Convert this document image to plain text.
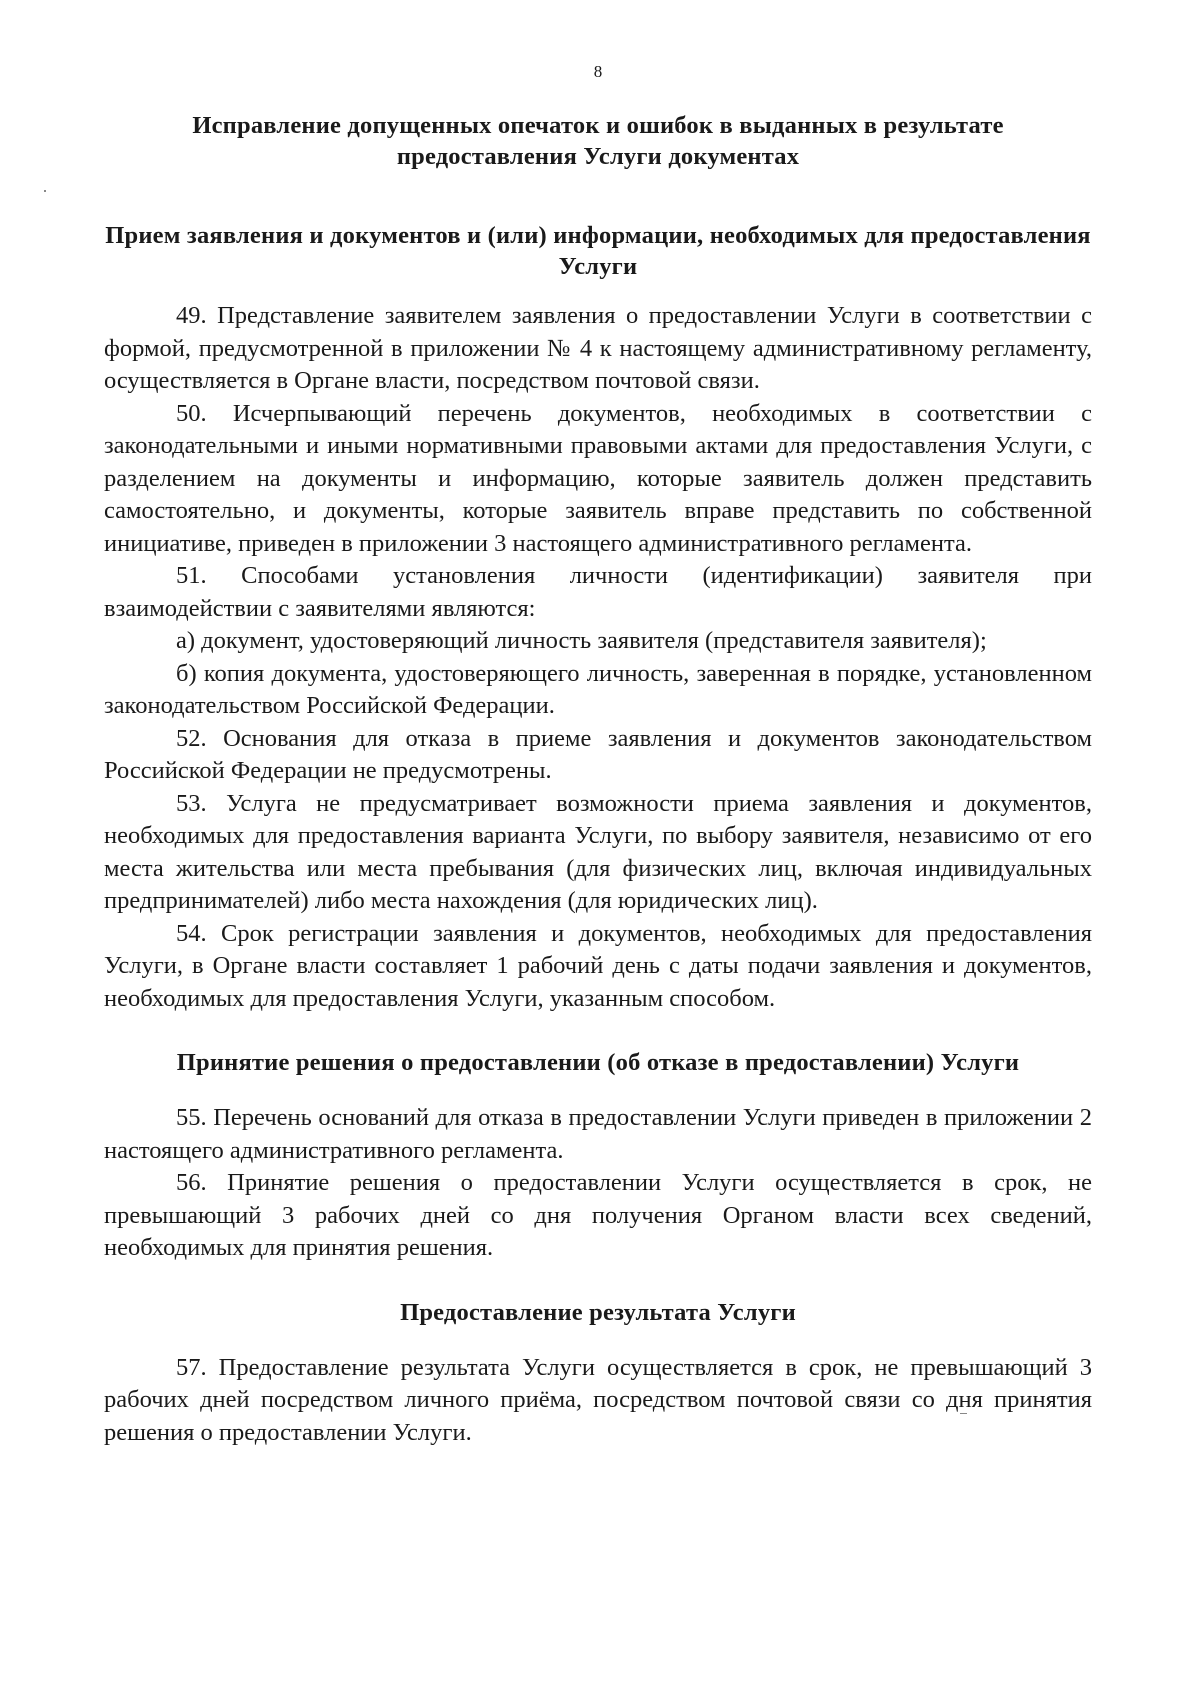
8
Исправление допущенных опечаток и ошибок в выданных в результате предоставления Услуги документах
Прием заявления и документов и (или) информации, необходимых для предоставления Услуги

49. Представление заявителем заявления о предоставлении Услуги в соответствии с формой, предусмотренной в приложении № 4 к настоящему административному регламенту, осуществляется в Органе власти, посредством почтовой связи.

50. Исчерпывающий перечень документов, необходимых в соответствии с законодательными и иными нормативными правовыми актами для предоставления Услуги, с разделением на документы и информацию, которые заявитель должен представить самостоятельно, и документы, которые заявитель вправе представить по собственной инициативе, приведен в приложении 3 настоящего административного регламента.

51. Способами установления личности (идентификации) заявителя при взаимодействии с заявителями являются:

а) документ, удостоверяющий личность заявителя (представителя заявителя);

б) копия документа, удостоверяющего личность, заверенная в порядке, установленном законодательством Российской Федерации.

52. Основания для отказа в приеме заявления и документов законодательством Российской Федерации не предусмотрены.

53. Услуга не предусматривает возможности приема заявления и документов, необходимых для предоставления варианта Услуги, по выбору заявителя, независимо от его места жительства или места пребывания (для физических лиц, включая индивидуальных предпринимателей) либо места нахождения (для юридических лиц).

54. Срок регистрации заявления и документов, необходимых для предоставления Услуги, в Органе власти составляет 1 рабочий день с даты подачи заявления и документов, необходимых для предоставления Услуги, указанным способом.

Принятие решения о предоставлении (об отказе в предоставлении) Услуги

55. Перечень оснований для отказа в предоставлении Услуги приведен в приложении 2 настоящего административного регламента.

56. Принятие решения о предоставлении Услуги осуществляется в срок, не превышающий 3 рабочих дней со дня получения Органом власти всех сведений, необходимых для принятия решения.

Предоставление результата Услуги

57. Предоставление результата Услуги осуществляется в срок, не превышающий 3 рабочих дней посредством личного приёма, посредством почтовой связи со дня принятия решения о предоставлении Услуги.
